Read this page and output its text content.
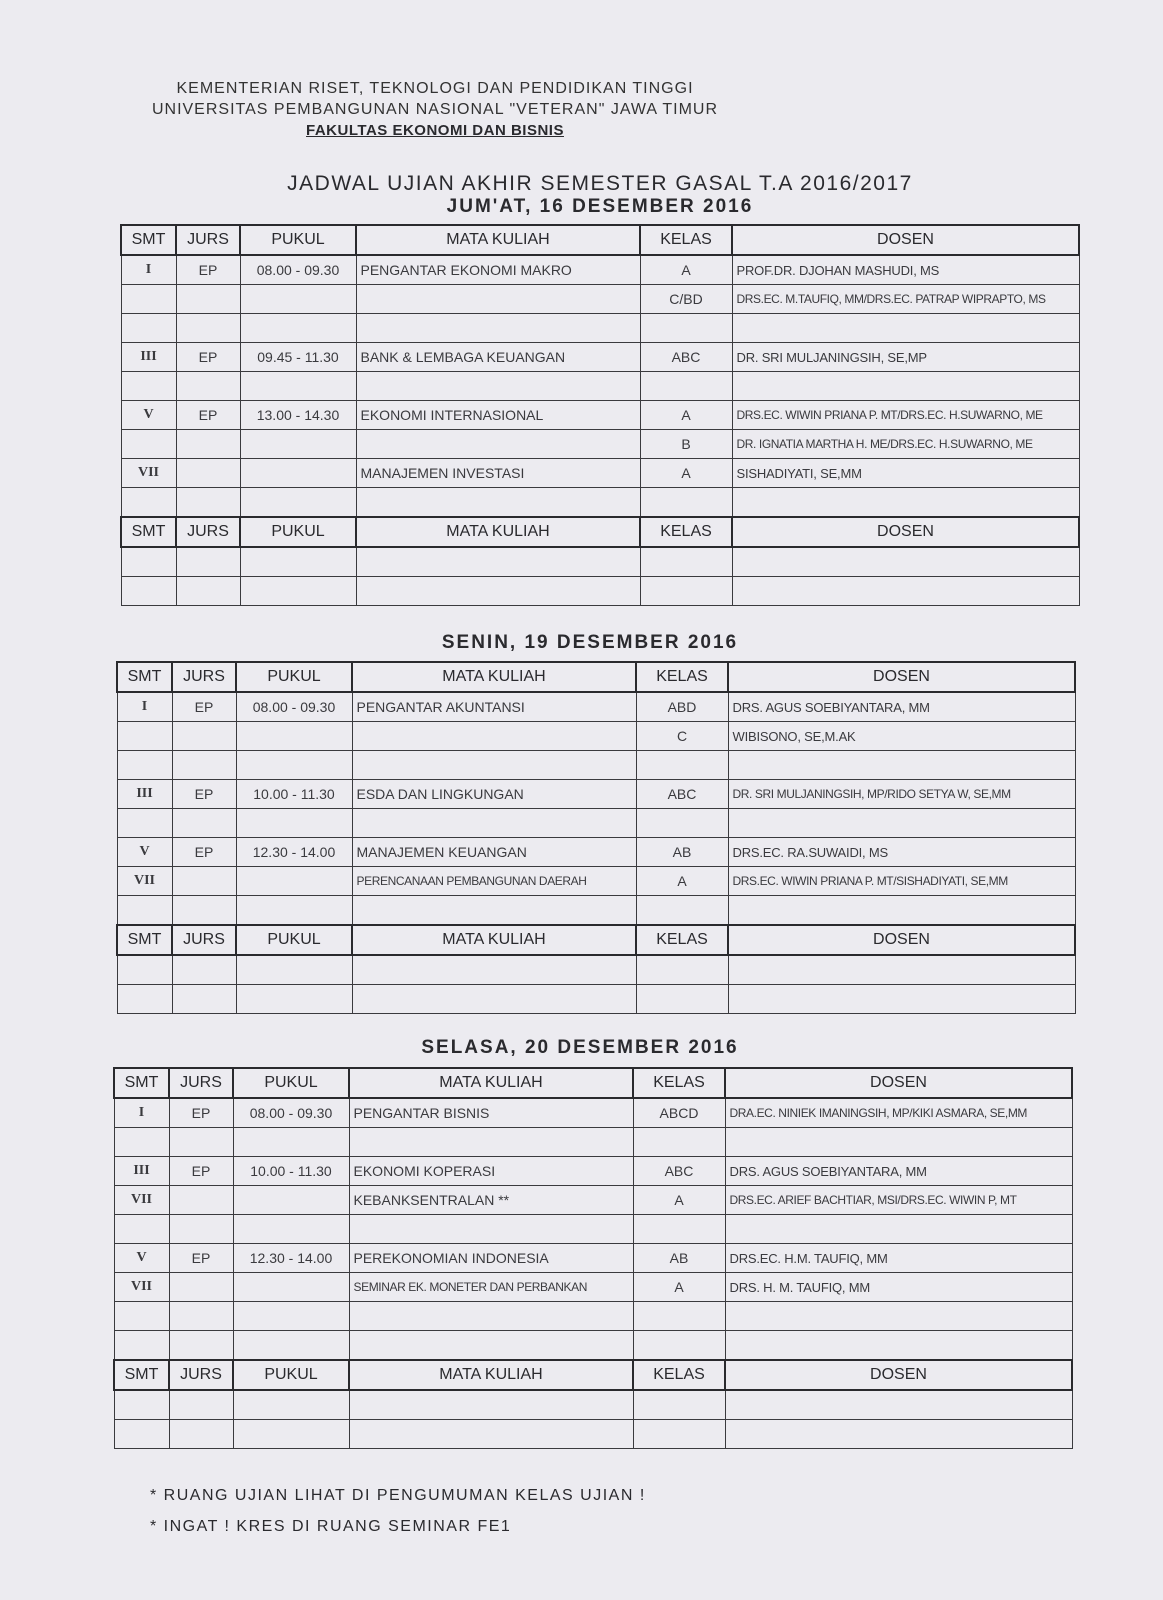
KEMENTERIAN RISET, TEKNOLOGI DAN PENDIDIKAN TINGGI
UNIVERSITAS PEMBANGUNAN NASIONAL "VETERAN" JAWA TIMUR
FAKULTAS EKONOMI DAN BISNIS
JADWAL UJIAN AKHIR SEMESTER GASAL T.A 2016/2017
JUM'AT, 16 DESEMBER 2016
SMT	JURS	PUKUL	MATA KULIAH	KELAS	DOSEN
I	EP	08.00 - 09.30	PENGANTAR EKONOMI MAKRO	A	PROF.DR. DJOHAN MASHUDI, MS
				C/BD	DRS.EC. M.TAUFIQ, MM/DRS.EC. PATRAP WIPRAPTO, MS

III	EP	09.45 - 11.30	BANK & LEMBAGA KEUANGAN	ABC	DR. SRI MULJANINGSIH, SE,MP

V	EP	13.00 - 14.30	EKONOMI INTERNASIONAL	A	DRS.EC. WIWIN PRIANA P. MT/DRS.EC. H.SUWARNO, ME
				B	DR. IGNATIA MARTHA H. ME/DRS.EC. H.SUWARNO, ME
VII			MANAJEMEN INVESTASI	A	SISHADIYATI, SE,MM

SMT	JURS	PUKUL	MATA KULIAH	KELAS	DOSEN

SENIN, 19 DESEMBER 2016
SMT	JURS	PUKUL	MATA KULIAH	KELAS	DOSEN
I	EP	08.00 - 09.30	PENGANTAR AKUNTANSI	ABD	DRS. AGUS SOEBIYANTARA, MM
				C	WIBISONO, SE,M.AK

III	EP	10.00 - 11.30	ESDA DAN LINGKUNGAN	ABC	DR. SRI MULJANINGSIH, MP/RIDO SETYA W, SE,MM

V	EP	12.30 - 14.00	MANAJEMEN KEUANGAN	AB	DRS.EC. RA.SUWAIDI, MS
VII			PERENCANAAN PEMBANGUNAN DAERAH	A	DRS.EC. WIWIN PRIANA P. MT/SISHADIYATI, SE,MM

SMT	JURS	PUKUL	MATA KULIAH	KELAS	DOSEN

SELASA, 20 DESEMBER 2016
SMT	JURS	PUKUL	MATA KULIAH	KELAS	DOSEN
I	EP	08.00 - 09.30	PENGANTAR BISNIS	ABCD	DRA.EC. NINIEK IMANINGSIH, MP/KIKI ASMARA, SE,MM

III	EP	10.00 - 11.30	EKONOMI KOPERASI	ABC	DRS. AGUS SOEBIYANTARA, MM
VII			KEBANKSENTRALAN **	A	DRS.EC. ARIEF BACHTIAR, MSI/DRS.EC. WIWIN P, MT

V	EP	12.30 - 14.00	PEREKONOMIAN INDONESIA	AB	DRS.EC. H.M. TAUFIQ, MM
VII			SEMINAR EK. MONETER DAN PERBANKAN	A	DRS. H. M. TAUFIQ, MM

SMT	JURS	PUKUL	MATA KULIAH	KELAS	DOSEN

* RUANG UJIAN LIHAT DI PENGUMUMAN KELAS UJIAN !
* INGAT ! KRES DI RUANG SEMINAR FE1
